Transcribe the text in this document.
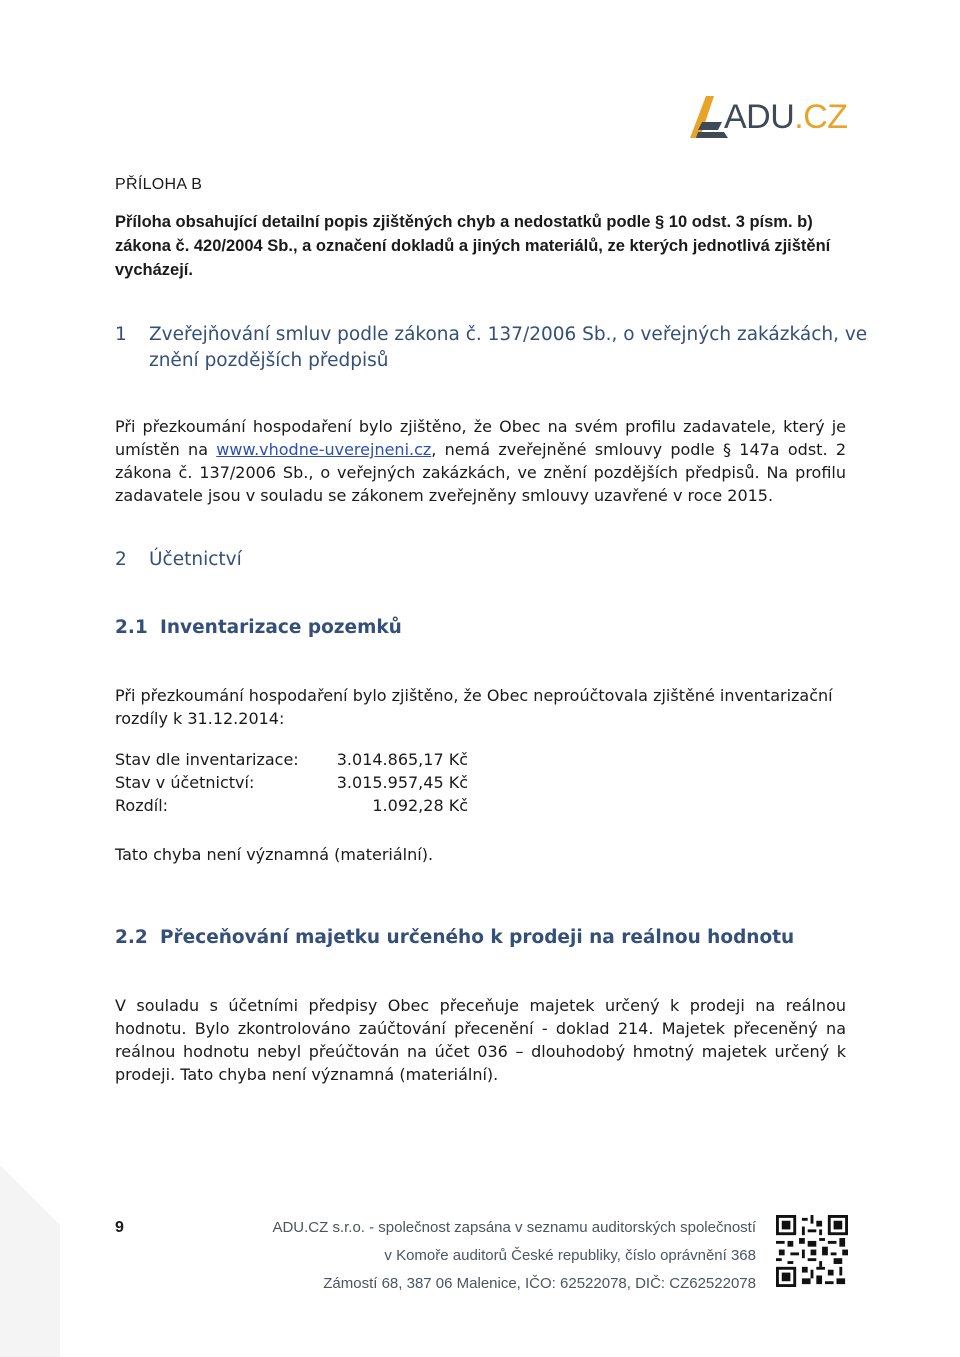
ADU.CZ
PŘÍLOHA B
Příloha obsahující detailní popis zjištěných chyb a nedostatků podle § 10 odst. 3 písm. b) zákona č. 420/2004 Sb., a označení dokladů a jiných materiálů, ze kterých jednotlivá zjištění vycházejí.
1 Zveřejňování smluv podle zákona č. 137/2006 Sb., o veřejných zakázkách, ve znění pozdějších předpisů
Při přezkoumání hospodaření bylo zjištěno, že Obec na svém profilu zadavatele, který je umístěn na www.vhodne-uverejneni.cz, nemá zveřejněné smlouvy podle § 147a odst. 2 zákona č. 137/2006 Sb., o veřejných zakázkách, ve znění pozdějších předpisů. Na profilu zadavatele jsou v souladu se zákonem zveřejněny smlouvy uzavřené v roce 2015.
2 Účetnictví
2.1 Inventarizace pozemků
Při přezkoumání hospodaření bylo zjištěno, že Obec neproúčtovala zjištěné inventarizační rozdíly k 31.12.2014:
Stav dle inventarizace:	3.014.865,17 Kč
Stav v účetnictví:	3.015.957,45 Kč
Rozdíl:	1.092,28 Kč
Tato chyba není významná (materiální).
2.2 Přeceňování majetku určeného k prodeji na reálnou hodnotu
V souladu s účetními předpisy Obec přeceňuje majetek určený k prodeji na reálnou hodnotu. Bylo zkontrolováno zaúčtování přecenění - doklad 214. Majetek přeceněný na reálnou hodnotu nebyl přeúčtován na účet 036 – dlouhodobý hmotný majetek určený k prodeji. Tato chyba není významná (materiální).
9	ADU.CZ s.r.o. - společnost zapsána v seznamu auditorských společností
v Komoře auditorů České republiky, číslo oprávnění 368
Zámostí 68, 387 06 Malenice, IČO: 62522078, DIČ: CZ62522078
